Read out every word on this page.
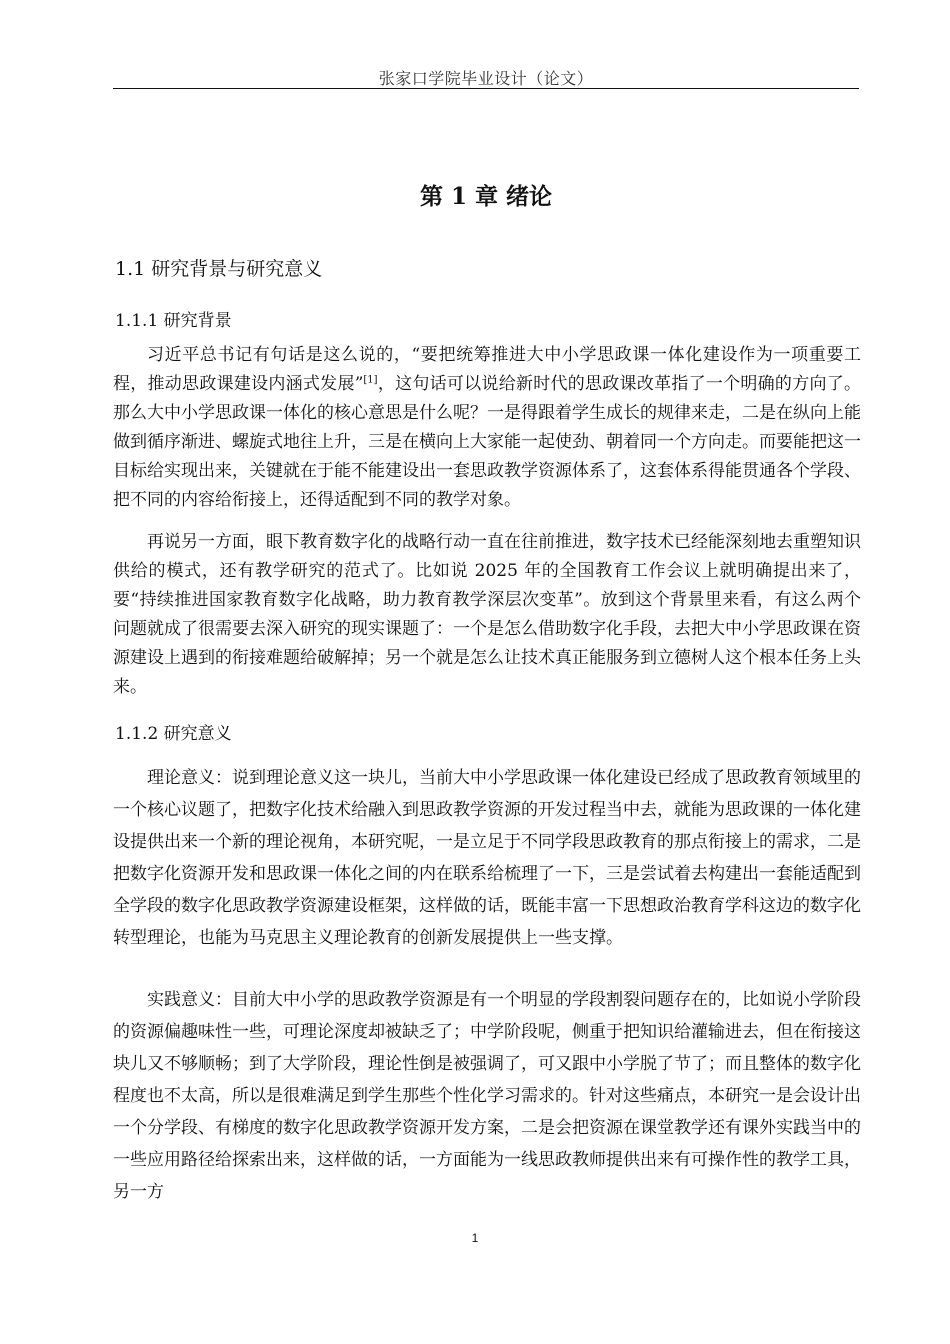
张家口学院毕业设计（论文）
第 1 章 绪论
1.1 研究背景与研究意义
1.1.1 研究背景

习近平总书记有句话是这么说的，“要把统筹推进大中小学思政课一体化建设作为一项重要工程，推动思政课建设内涵式发展”[1]，这句话可以说给新时代的思政课改革指了一个明确的方向了。那么大中小学思政课一体化的核心意思是什么呢？一是得跟着学生成长的规律来走，二是在纵向上能做到循序渐进、螺旋式地往上升，三是在横向上大家能一起使劲、朝着同一个方向走。而要能把这一目标给实现出来，关键就在于能不能建设出一套思政教学资源体系了，这套体系得能贯通各个学段、把不同的内容给衔接上，还得适配到不同的教学对象。

再说另一方面，眼下教育数字化的战略行动一直在往前推进，数字技术已经能深刻地去重塑知识供给的模式，还有教学研究的范式了。比如说 2025 年的全国教育工作会议上就明确提出来了，要“持续推进国家教育数字化战略，助力教育教学深层次变革”。放到这个背景里来看，有这么两个问题就成了很需要去深入研究的现实课题了：一个是怎么借助数字化手段，去把大中小学思政课在资源建设上遇到的衔接难题给破解掉；另一个就是怎么让技术真正能服务到立德树人这个根本任务上头来。

1.1.2 研究意义

理论意义：说到理论意义这一块儿，当前大中小学思政课一体化建设已经成了思政教育领域里的一个核心议题了，把数字化技术给融入到思政教学资源的开发过程当中去，就能为思政课的一体化建设提供出来一个新的理论视角，本研究呢，一是立足于不同学段思政教育的那点衔接上的需求，二是把数字化资源开发和思政课一体化之间的内在联系给梳理了一下，三是尝试着去构建出一套能适配到全学段的数字化思政教学资源建设框架，这样做的话，既能丰富一下思想政治教育学科这边的数字化转型理论，也能为马克思主义理论教育的创新发展提供上一些支撑。

实践意义：目前大中小学的思政教学资源是有一个明显的学段割裂问题存在的，比如说小学阶段的资源偏趣味性一些，可理论深度却被缺乏了；中学阶段呢，侧重于把知识给灌输进去，但在衔接这块儿又不够顺畅；到了大学阶段，理论性倒是被强调了，可又跟中小学脱了节了；而且整体的数字化程度也不太高，所以是很难满足到学生那些个性化学习需求的。针对这些痛点，本研究一是会设计出一个分学段、有梯度的数字化思政教学资源开发方案，二是会把资源在课堂教学还有课外实践当中的一些应用路径给探索出来，这样做的话，一方面能为一线思政教师提供出来有可操作性的教学工具，另一方

1
